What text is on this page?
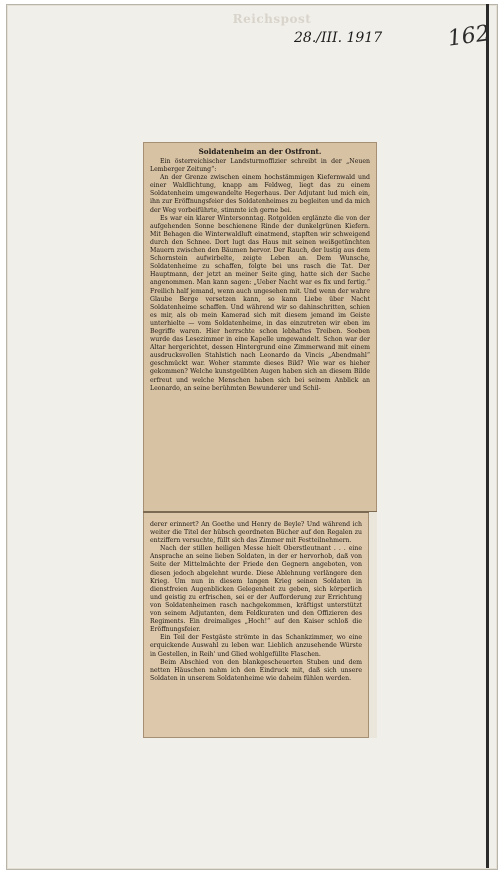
Reichspost
28./III. 1917	162
Soldatenheim an der Ostfront.

Ein österreichischer Landsturmoffizier schreibt in der „Neuen Lemberger Zeitung“:

An der Grenze zwischen einem hochstämmigen Kiefernwald und einer Waldlichtung, knapp am Feldweg, liegt das zu einem Soldatenheim umgewandelte Hegerhaus. Der Adjutant lud mich ein, ihn zur Eröffnungsfeier des Soldatenheimes zu begleiten und da mich der Weg vorbeiführte, stimmte ich gerne bei.

Es war ein klarer Wintersonntag. Rotgolden erglänzte die von der aufgehenden Sonne beschienene Rinde der dunkelgrünen Kiefern. Mit Behagen die Winterwaldluft einatmend, stapften wir schweigend durch den Schnee. Dort lugt das Haus mit seinen weißgetünchten Mauern zwischen den Bäumen hervor. Der Rauch, der lustig aus dem Schornstein aufwirbelte, zeigte Leben an. Dem Wunsche, Soldatenheime zu schaffen, folgte bei uns rasch die Tat. Der Hauptmann, der jetzt an meiner Seite ging, hatte sich der Sache angenommen. Man kann sagen: „Ueber Nacht war es fix und fertig.“ Freilich half jemand, wenn auch ungesehen mit. Und wenn der wahre Glaube Berge versetzen kann, so kann Liebe über Nacht Soldatenheime schaffen. Und während wir so dahinschritten, schien es mir, als ob mein Kamerad sich mit diesem jemand im Geiste unterhielte — vom Soldatenheime, in das einzutreten wir eben im Begriffe waren. Hier herrschte schon lebhaftes Treiben. Soeben wurde das Lesezimmer in eine Kapelle umgewandelt. Schon war der Altar hergerichtet, dessen Hintergrund eine Zimmerwand mit einem ausdrucksvollen Stahlstich nach Leonardo da Vincis „Abendmahl“ geschmückt war. Woher stammte dieses Bild? Wie war es hieher gekommen? Welche kunstgeübten Augen haben sich an diesem Bilde erfreut und welche Menschen haben sich bei seinem Anblick an Leonardo, an seine berühmten Bewunderer und Schil-

derer erinnert? An Goethe und Henry de Beyle? Und während ich weiter die Titel der hübsch geordneten Bücher auf den Regalen zu entziffern versuchte, füllt sich das Zimmer mit Festteilnehmern.

Nach der stillen heiligen Messe hielt Oberstleutnant . . . eine Ansprache an seine lieben Soldaten, in der er hervorhob, daß von Seite der Mittelmächte der Friede den Gegnern angeboten, von diesen jedoch abgelehnt wurde. Diese Ablehnung verlängere den Krieg. Um nun in diesem langen Krieg seinen Soldaten in dienstfreien Augenblicken Gelegenheit zu geben, sich körperlich und geistig zu erfrischen, sei er der Aufforderung zur Errichtung von Soldatenheimen rasch nachgekommen, kräftigst unterstützt von seinem Adjutanten, dem Feldkuraten und den Offizieren des Regiments. Ein dreimaliges „Hoch!“ auf den Kaiser schloß die Eröffnungsfeier.

Ein Teil der Festgäste strömte in das Schankzimmer, wo eine erquickende Auswahl zu leben war. Lieblich anzusehende Würste in Gestellen, in Reih' und Glied wohlgefüllte Flaschen.

Beim Abschied von den blankgescheuerten Stuben und dem netten Häuschen nahm ich den Eindruck mit, daß sich unsere Soldaten in unserem Soldatenheime wie daheim fühlen werden.
